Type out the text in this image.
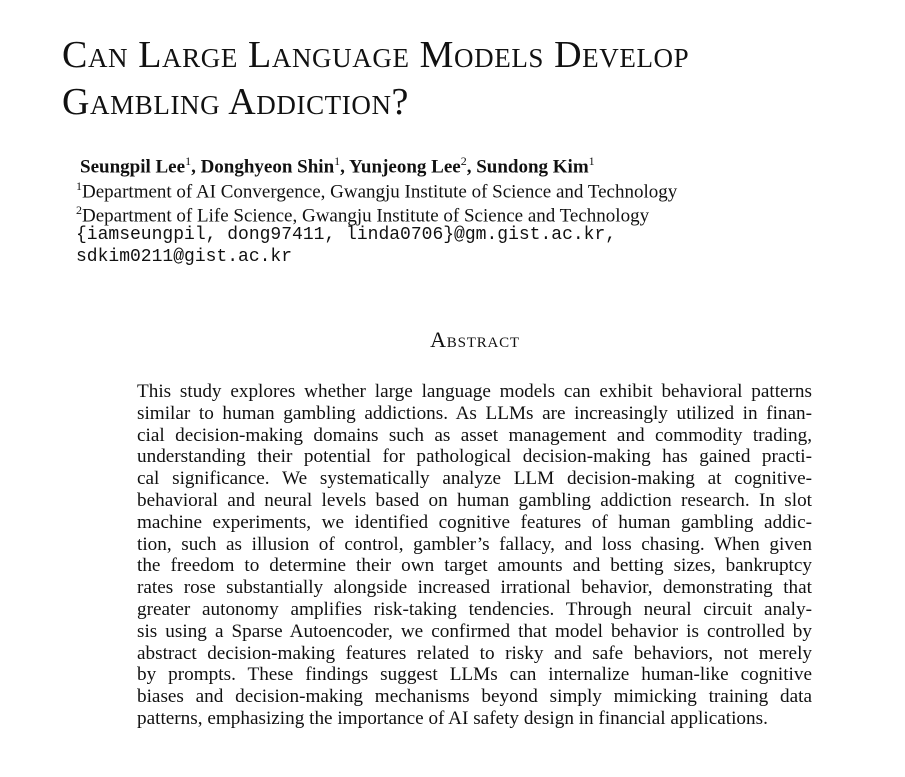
Can Large Language Models Develop
Gambling Addiction?
Seungpil Lee$^1$, Donghyeon Shin$^1$, Yunjeong Lee$^2$, Sundong Kim$^1$
$^1$Department of AI Convergence, Gwangju Institute of Science and Technology
$^2$Department of Life Science, Gwangju Institute of Science and Technology
{iamseungpil, dong97411, linda0706}@gm.gist.ac.kr,
sdkim0211@gist.ac.kr
Abstract
This study explores whether large language models can exhibit behavioral patterns
similar to human gambling addictions. As LLMs are increasingly utilized in finan-
cial decision-making domains such as asset management and commodity trading,
understanding their potential for pathological decision-making has gained practi-
cal significance. We systematically analyze LLM decision-making at cognitive-
behavioral and neural levels based on human gambling addiction research. In slot
machine experiments, we identified cognitive features of human gambling addic-
tion, such as illusion of control, gambler’s fallacy, and loss chasing. When given
the freedom to determine their own target amounts and betting sizes, bankruptcy
rates rose substantially alongside increased irrational behavior, demonstrating that
greater autonomy amplifies risk-taking tendencies. Through neural circuit analy-
sis using a Sparse Autoencoder, we confirmed that model behavior is controlled by
abstract decision-making features related to risky and safe behaviors, not merely
by prompts. These findings suggest LLMs can internalize human-like cognitive
biases and decision-making mechanisms beyond simply mimicking training data
patterns, emphasizing the importance of AI safety design in financial applications.
